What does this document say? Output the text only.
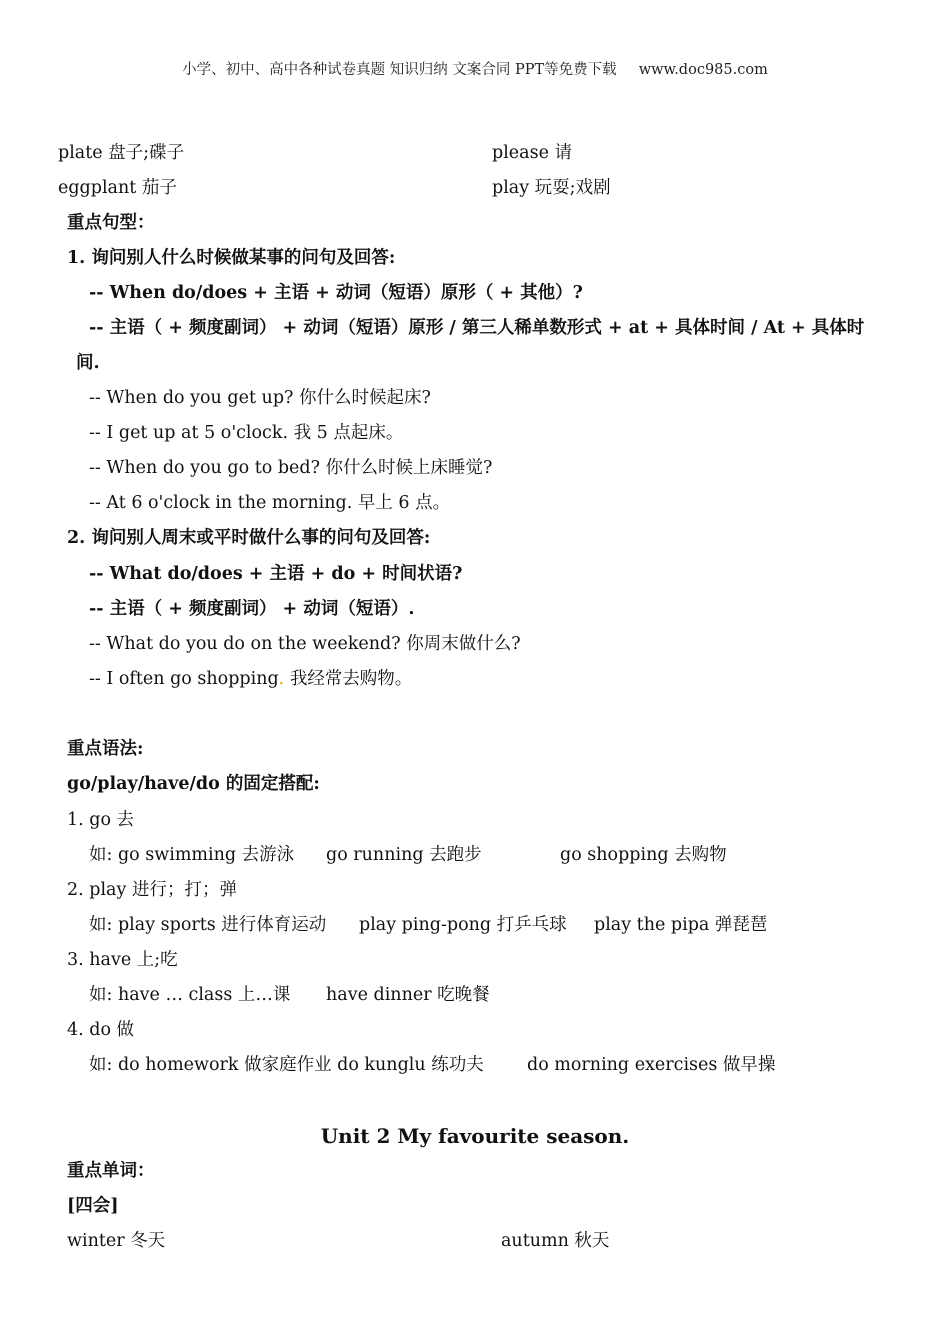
小学、初中、高中各种试卷真题 知识归纳 文案合同 PPT等免费下载 www.doc985.com
plate 盘子;碟子	please 请
eggplant 茄子	play 玩耍;戏剧
重点句型：
1. 询问别人什么时候做某事的问句及回答:
-- When do/does + 主语 + 动词（短语）原形（ + 其他）?
-- 主语（ + 频度副词） + 动词（短语）原形 / 第三人稀单数形式 + at + 具体时间 / At + 具体时
间.
-- When do you get up? 你什么时候起床?
-- I get up at 5 o'clock. 我 5 点起床。
-- When do you go to bed? 你什么时候上床睡觉?
-- At 6 o'clock in the morning. 早上 6 点。
2. 询问别人周末或平时做什么事的问句及回答:
-- What do/does + 主语 + do + 时间状语?
-- 主语（ + 频度副词） + 动词（短语）.
-- What do you do on the weekend? 你周末做什么?
-- I often go shopping. 我经常去购物。
重点语法:
go/play/have/do 的固定搭配:
1. go 去
如: go swimming 去游泳 go running 去跑步	go shopping 去购物
2. play 进行；打；弹
如: play sports 进行体育运动 play ping-pong 打乒乓球 play the pipa 弹琵琶
3. have 上;吃
如: have … class 上…课 have dinner 吃晚餐
4. do 做
如: do homework 做家庭作业 do kunglu 练功夫 do morning exercises 做早操
Unit 2 My favourite season.
重点单词：
[四会]
winter 冬天	autumn 秋天
